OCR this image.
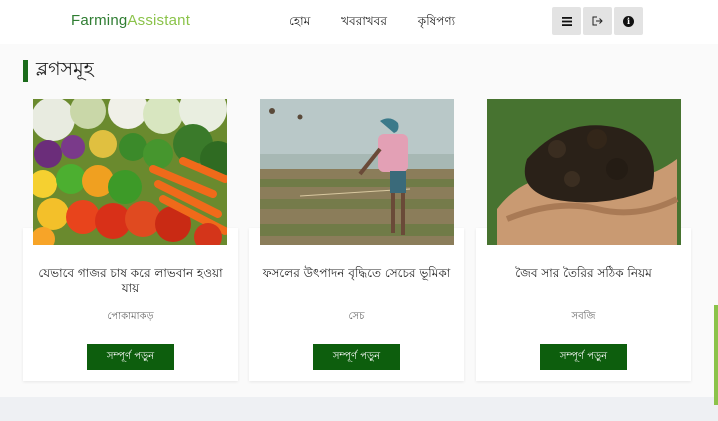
FarmingAssistant	হোম	খবরাখবর	কৃষিপণ্য	i
ব্লগসমূহ
যেভাবে গাজর চাষ করে লাভবান হওয়া যায়
পোকামাকড়
সম্পূর্ণ পড়ুন
ফসলের উৎপাদন বৃদ্ধিতে সেচের ভূমিকা
সেচ
সম্পূর্ণ পড়ুন
জৈব সার তৈরির সঠিক নিয়ম
সবজি
সম্পূর্ণ পড়ুন
